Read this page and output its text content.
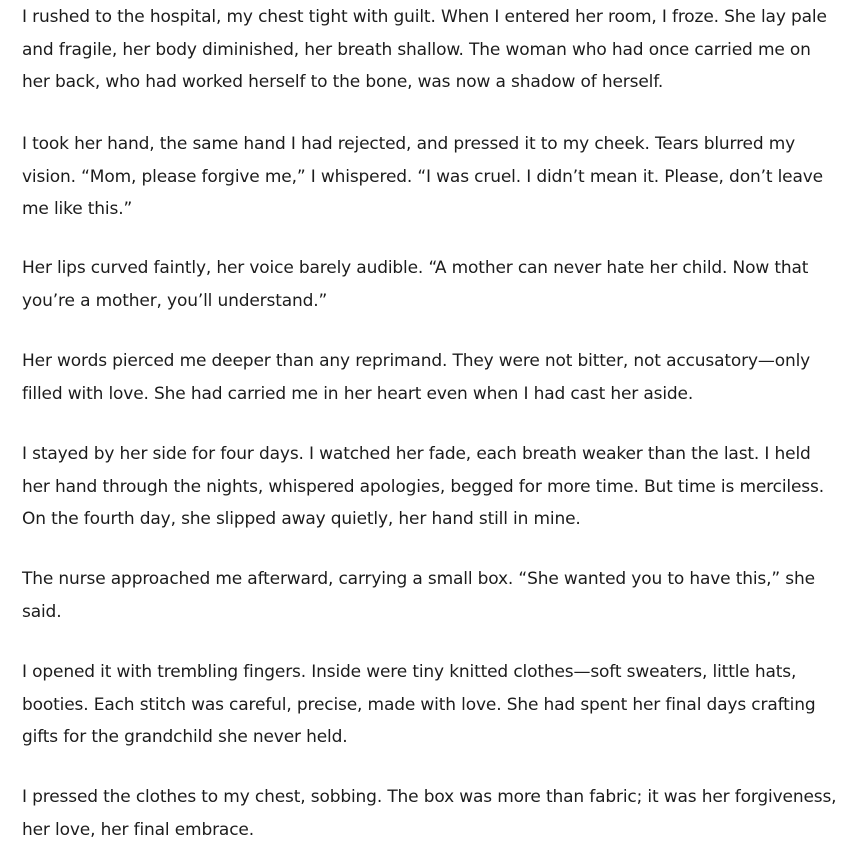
I rushed to the hospital, my chest tight with guilt. When I entered her room, I froze. She lay pale and fragile, her body diminished, her breath shallow. The woman who had once carried me on her back, who had worked herself to the bone, was now a shadow of herself.

I took her hand, the same hand I had rejected, and pressed it to my cheek. Tears blurred my vision. “Mom, please forgive me,” I whispered. “I was cruel. I didn’t mean it. Please, don’t leave me like this.”

Her lips curved faintly, her voice barely audible. “A mother can never hate her child. Now that you’re a mother, you’ll understand.”

Her words pierced me deeper than any reprimand. They were not bitter, not accusatory—only filled with love. She had carried me in her heart even when I had cast her aside.

I stayed by her side for four days. I watched her fade, each breath weaker than the last. I held her hand through the nights, whispered apologies, begged for more time. But time is merciless. On the fourth day, she slipped away quietly, her hand still in mine.

The nurse approached me afterward, carrying a small box. “She wanted you to have this,” she said.

I opened it with trembling fingers. Inside were tiny knitted clothes—soft sweaters, little hats, booties. Each stitch was careful, precise, made with love. She had spent her final days crafting gifts for the grandchild she never held.

I pressed the clothes to my chest, sobbing. The box was more than fabric; it was her forgiveness, her love, her final embrace.
